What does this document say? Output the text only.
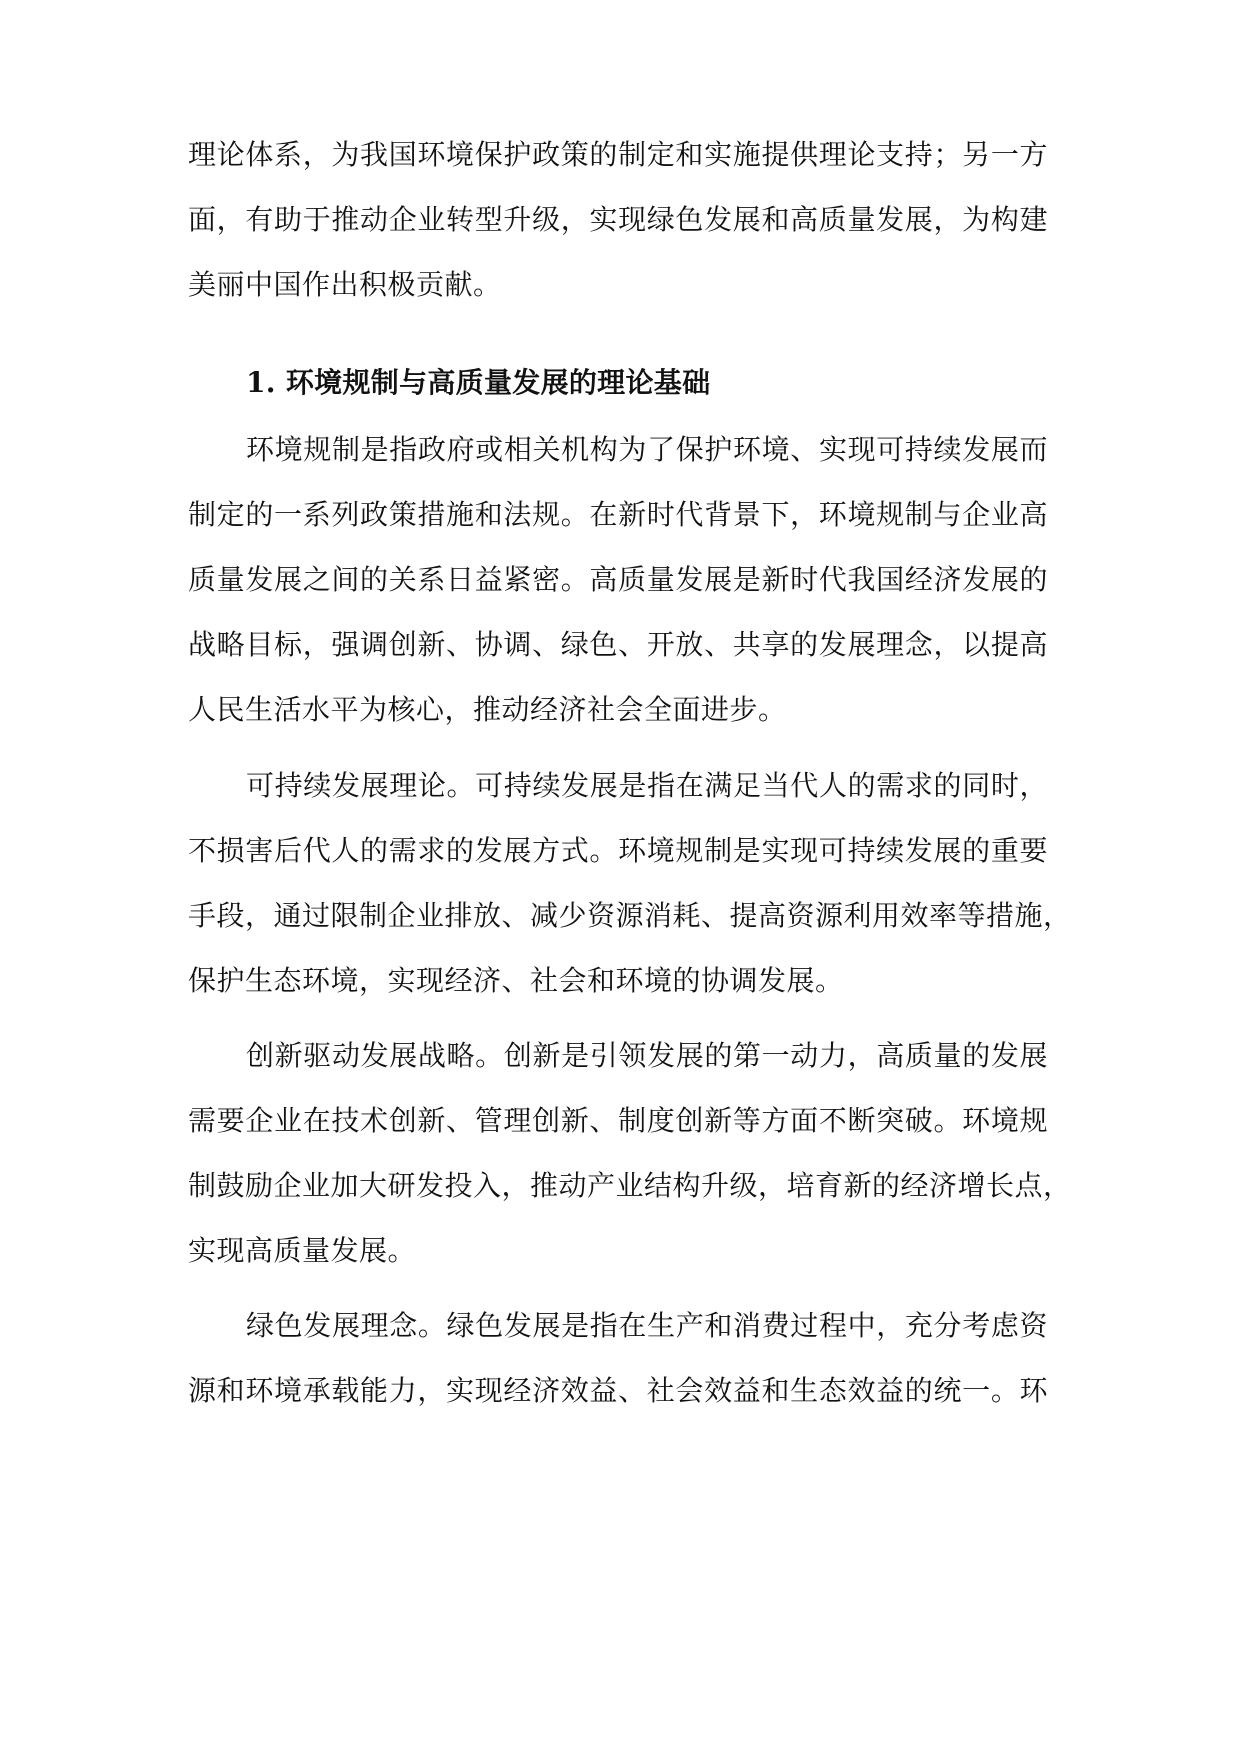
理论体系，为我国环境保护政策的制定和实施提供理论支持；另一方
面，有助于推动企业转型升级，实现绿色发展和高质量发展，为构建
美丽中国作出积极贡献。
1. 环境规制与高质量发展的理论基础
环境规制是指政府或相关机构为了保护环境、实现可持续发展而
制定的一系列政策措施和法规。在新时代背景下，环境规制与企业高
质量发展之间的关系日益紧密。高质量发展是新时代我国经济发展的
战略目标，强调创新、协调、绿色、开放、共享的发展理念，以提高
人民生活水平为核心，推动经济社会全面进步。
可持续发展理论。可持续发展是指在满足当代人的需求的同时，
不损害后代人的需求的发展方式。环境规制是实现可持续发展的重要
手段，通过限制企业排放、减少资源消耗、提高资源利用效率等措施，
保护生态环境，实现经济、社会和环境的协调发展。
创新驱动发展战略。创新是引领发展的第一动力，高质量的发展
需要企业在技术创新、管理创新、制度创新等方面不断突破。环境规
制鼓励企业加大研发投入，推动产业结构升级，培育新的经济增长点，
实现高质量发展。
绿色发展理念。绿色发展是指在生产和消费过程中，充分考虑资
源和环境承载能力，实现经济效益、社会效益和生态效益的统一。环
